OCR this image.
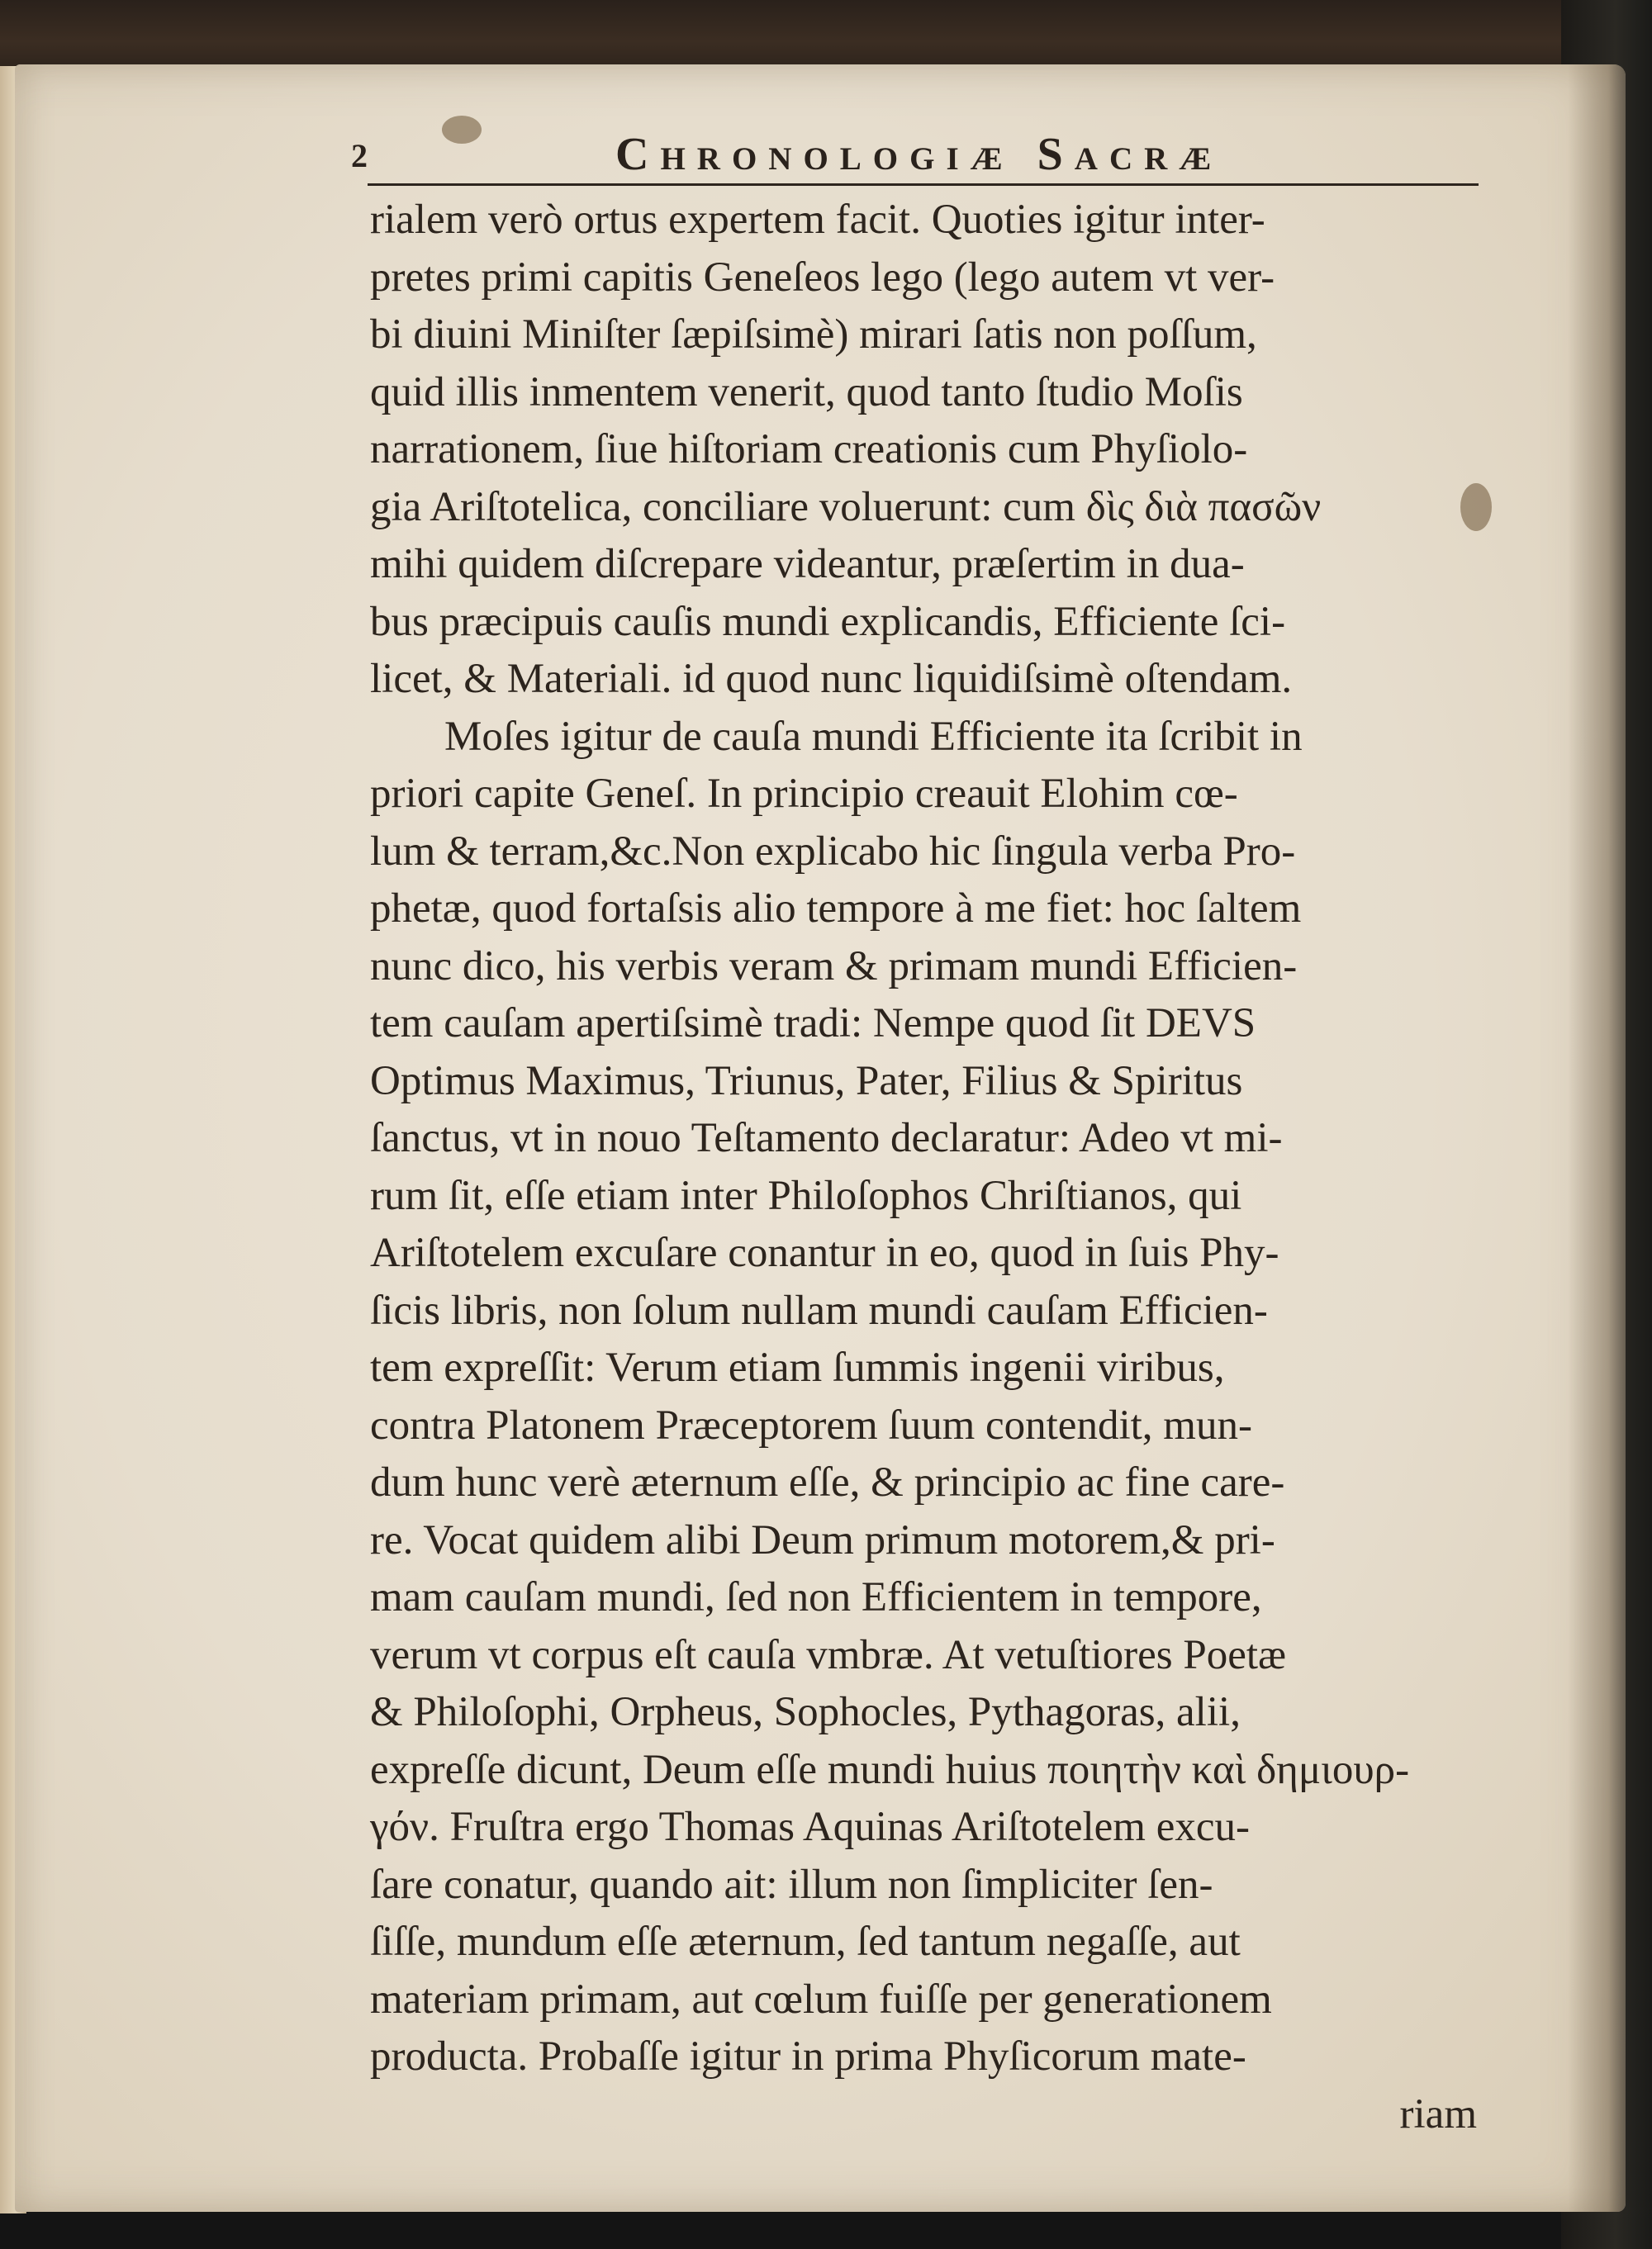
2	Chronologiæ Sacræ
rialem verò ortus expertem facit. Quoties igitur inter-
pretes primi capitis Geneſeos lego (lego autem vt ver-
bi diuini Miniſter ſæpiſsimè) mirari ſatis non poſſum,
quid illis inmentem venerit, quod tanto ſtudio Moſis
narrationem, ſiue hiſtoriam creationis cum Phyſiolo-
gia Ariſtotelica, conciliare voluerunt: cum δὶς διὰ πασῶν
mihi quidem diſcrepare videantur, præſertim in dua-
bus præcipuis cauſis mundi explicandis, Efficiente ſci-
licet, & Materiali. id quod nunc liquidiſsimè oſtendam.
Moſes igitur de cauſa mundi Efficiente ita ſcribit in
priori capite Geneſ. In principio creauit Elohim cœ-
lum & terram,&c.Non explicabo hic ſingula verba Pro-
phetæ, quod fortaſsis alio tempore à me fiet: hoc ſaltem
nunc dico, his verbis veram & primam mundi Efficien-
tem cauſam apertiſsimè tradi: Nempe quod ſit DEVS
Optimus Maximus, Triunus, Pater, Filius & Spiritus
ſanctus, vt in nouo Teſtamento declaratur: Adeo vt mi-
rum ſit, eſſe etiam inter Philoſophos Chriſtianos, qui
Ariſtotelem excuſare conantur in eo, quod in ſuis Phy-
ſicis libris, non ſolum nullam mundi cauſam Efficien-
tem expreſſit: Verum etiam ſummis ingenii viribus,
contra Platonem Præceptorem ſuum contendit, mun-
dum hunc verè æternum eſſe, & principio ac fine care-
re. Vocat quidem alibi Deum primum motorem,& pri-
mam cauſam mundi, ſed non Efficientem in tempore,
verum vt corpus eſt cauſa vmbræ. At vetuſtiores Poetæ
& Philoſophi, Orpheus, Sophocles, Pythagoras, alii,
expreſſe dicunt, Deum eſſe mundi huius ποιητὴν καὶ δημιουρ-
γόν. Fruſtra ergo Thomas Aquinas Ariſtotelem excu-
ſare conatur, quando ait: illum non ſimpliciter ſen-
ſiſſe, mundum eſſe æternum, ſed tantum negaſſe, aut
materiam primam, aut cœlum fuiſſe per generationem
producta. Probaſſe igitur in prima Phyſicorum mate-
riam
